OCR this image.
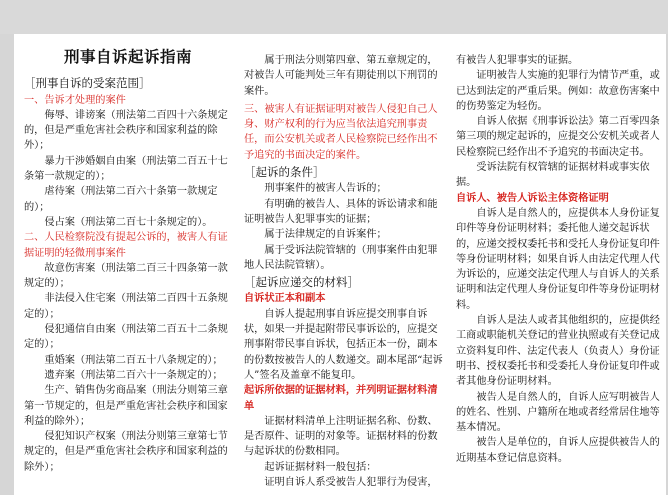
刑事自诉起诉指南

［刑事自诉的受案范围］

一、告诉才处理的案件

侮辱、诽谤案（刑法第二百四十六条规定的，但是严重危害社会秩序和国家利益的除外）；

暴力干涉婚姻自由案（刑法第二百五十七条第一款规定的）；

虐待案（刑法第二百六十条第一款规定的）；

侵占案（刑法第二百七十条规定的）。

二、人民检察院没有提起公诉的，被害人有证据证明的轻微刑事案件

故意伤害案（刑法第二百三十四条第一款规定的）；

非法侵入住宅案（刑法第二百四十五条规定的）；

侵犯通信自由案（刑法第二百五十二条规定的）；

重婚案（刑法第二百五十八条规定的）；

遗弃案（刑法第二百六十一条规定的）；

生产、销售伪劣商品案（刑法分则第三章第一节规定的，但是严重危害社会秩序和国家利益的除外）；

侵犯知识产权案（刑法分则第三章第七节规定的，但是严重危害社会秩序和国家利益的除外）；

属于刑法分则第四章、第五章规定的，对被告人可能判处三年有期徒刑以下刑罚的案件。

三、被害人有证据证明对被告人侵犯自己人身、财产权利的行为应当依法追究刑事责任，而公安机关或者人民检察院已经作出不予追究的书面决定的案件。

［起诉的条件］

刑事案件的被害人告诉的；

有明确的被告人、具体的诉讼请求和能证明被告人犯罪事实的证据；

属于法律规定的自诉案件；

属于受诉法院管辖的（刑事案件由犯罪地人民法院管辖）。

［起诉应递交的材料］

自诉状正本和副本

自诉人提起刑事自诉应提交刑事自诉状，如果一并提起附带民事诉讼的，应提交刑事附带民事自诉状，包括正本一份，副本的份数按被告人的人数递交。副本尾部“起诉人”签名及盖章不能复印。

起诉所依据的证据材料，并列明证据材料清单

证据材料清单上注明证据名称、份数、是否原件、证明的对象等。证据材料的份数与起诉状的份数相同。

起诉证据材料一般包括：

证明自诉人系受被告人犯罪行为侵害，

有被告人犯罪事实的证据。

证明被告人实施的犯罪行为情节严重，或已达到法定的严重后果。例如：故意伤害案中的伤势鉴定为轻伤。

自诉人依据《刑事诉讼法》第二百零四条第三项的规定起诉的，应提交公安机关或者人民检察院已经作出不予追究的书面决定书。

受诉法院有权管辖的证据材料或事实依据。

自诉人、被告人诉讼主体资格证明

自诉人是自然人的，应提供本人身份证复印件等身份证明材料；委托他人递交起诉状的，应递交授权委托书和受托人身份证复印件等身份证明材料；如果自诉人由法定代理人代为诉讼的，应递交法定代理人与自诉人的关系证明和法定代理人身份证复印件等身份证明材料。

自诉人是法人或者其他组织的，应提供经工商或职能机关登记的营业执照或有关登记成立资料复印件、法定代表人（负责人）身份证明书、授权委托书和受委托人身份证复印件或者其他身份证明材料。

被告人是自然人的，自诉人应写明被告人的姓名、性别、户籍所在地或者经常居住地等基本情况。

被告人是单位的，自诉人应提供被告人的近期基本登记信息资料。
